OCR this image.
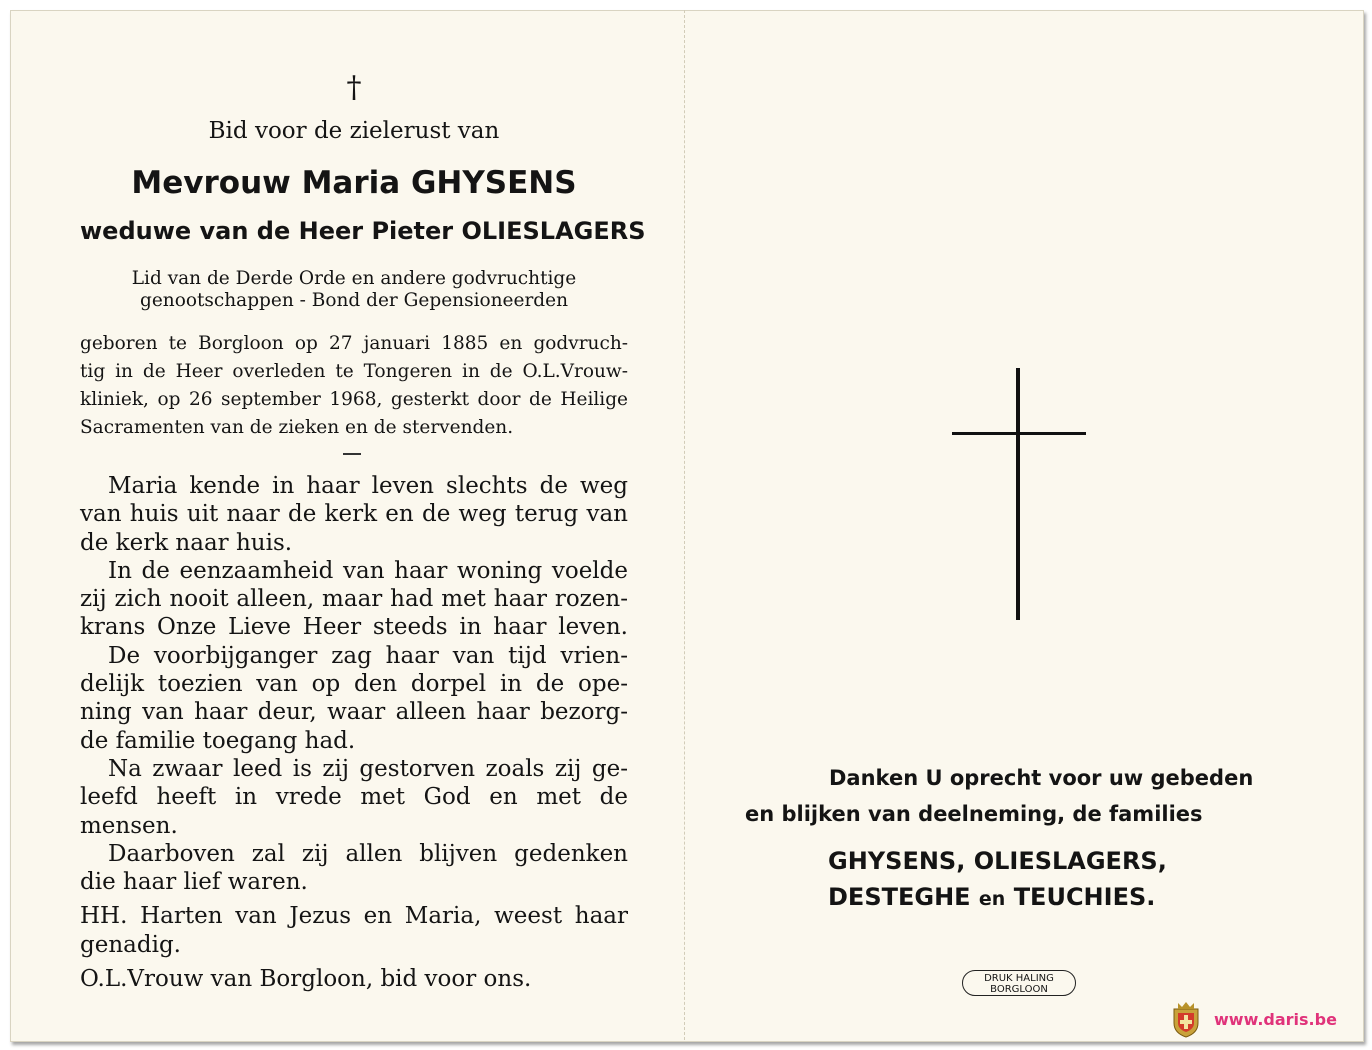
†
Bid voor de zielerust van
Mevrouw Maria GHYSENS
weduwe van de Heer Pieter OLIESLAGERS
Lid van de Derde Orde en andere godvruchtige
genootschappen - Bond der Gepensioneerden
geboren te Borgloon op 27 januari 1885 en godvruch-
tig in de Heer overleden te Tongeren in de O.L.Vrouw-
kliniek, op 26 september 1968, gesterkt door de Heilige
Sacramenten van de zieken en de stervenden.
Maria kende in haar leven slechts de weg
van huis uit naar de kerk en de weg terug van
de kerk naar huis.
In de eenzaamheid van haar woning voelde
zij zich nooit alleen, maar had met haar rozen-
krans Onze Lieve Heer steeds in haar leven.
De voorbijganger zag haar van tijd vrien-
delijk toezien van op den dorpel in de ope-
ning van haar deur, waar alleen haar bezorg-
de familie toegang had.
Na zwaar leed is zij gestorven zoals zij ge-
leefd heeft in vrede met God en met de
mensen.
Daarboven zal zij allen blijven gedenken
die haar lief waren.
HH. Harten van Jezus en Maria, weest haar
genadig.
O.L.Vrouw van Borgloon, bid voor ons.
Danken U oprecht voor uw gebeden
en blijken van deelneming, de families
GHYSENS, OLIESLAGERS,
DESTEGHE en TEUCHIES.
DRUK HALING
BORGLOON
www.daris.be
